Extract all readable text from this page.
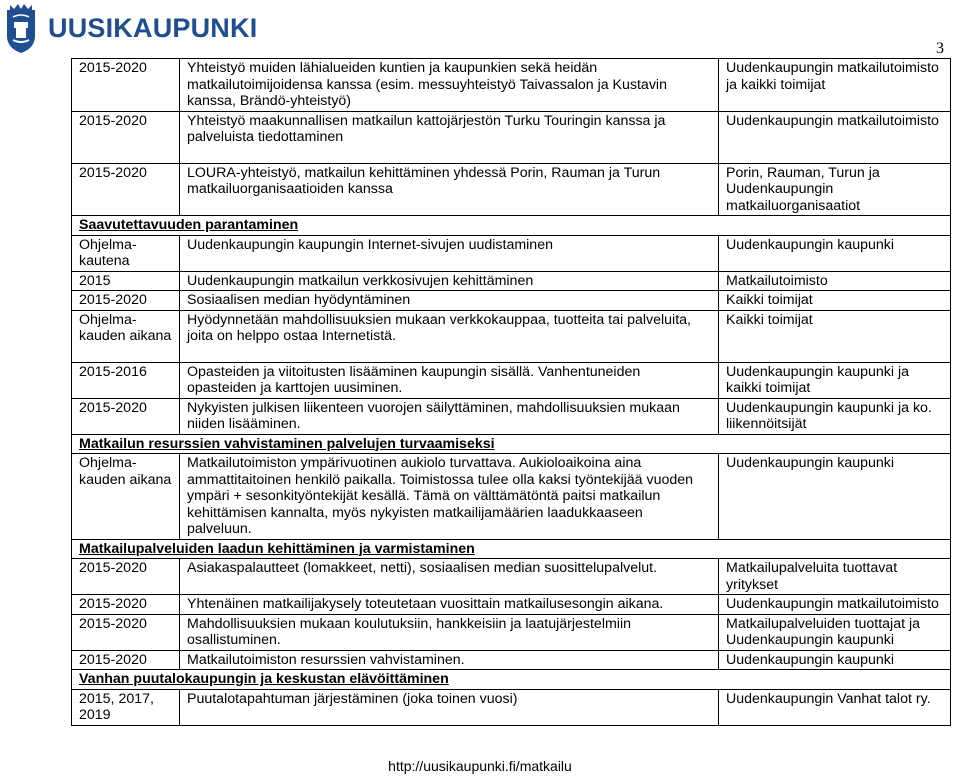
UUSIKAUPUNKI
3
2015-2020	Yhteistyö muiden lähialueiden kuntien ja kaupunkien sekä heidän matkailutoimijoidensa kanssa (esim. messuyhteistyö Taivassalon ja Kustavin kanssa, Brändö-yhteistyö)	Uudenkaupungin matkailutoimisto ja kaikki toimijat
2015-2020	Yhteistyö maakunnallisen matkailun kattojärjestön Turku Touringin kanssa ja palveluista tiedottaminen	Uudenkaupungin matkailutoimisto
2015-2020	LOURA-yhteistyö, matkailun kehittäminen yhdessä Porin, Rauman ja Turun matkailuorganisaatioiden kanssa	Porin, Rauman, Turun ja Uudenkaupungin matkailuorganisaatiot
Saavutettavuuden parantaminen		
Ohjelma-kautena	Uudenkaupungin kaupungin Internet-sivujen uudistaminen	Uudenkaupungin kaupunki
2015	Uudenkaupungin matkailun verkkosivujen kehittäminen	Matkailutoimisto
2015-2020	Sosiaalisen median hyödyntäminen	Kaikki toimijat
Ohjelma-kauden aikana	Hyödynnetään mahdollisuuksien mukaan verkkokauppaa, tuotteita tai palveluita, joita on helppo ostaa Internetistä.	Kaikki toimijat
2015-2016	Opasteiden ja viitoitusten lisääminen kaupungin sisällä. Vanhentuneiden opasteiden ja karttojen uusiminen.	Uudenkaupungin kaupunki ja kaikki toimijat
2015-2020	Nykyisten julkisen liikenteen vuorojen säilyttäminen, mahdollisuuksien mukaan niiden lisääminen.	Uudenkaupungin kaupunki ja ko. liikennöitsijät
Matkailun resurssien vahvistaminen palvelujen turvaamiseksi		
Ohjelma-kauden aikana	Matkailutoimiston ympärivuotinen aukiolo turvattava. Aukioloaikoina aina ammattitaitoinen henkilö paikalla. Toimistossa tulee olla kaksi työntekijää vuoden ympäri + sesonkityöntekijät kesällä. Tämä on välttämätöntä paitsi matkailun kehittämisen kannalta, myös nykyisten matkailijamäärien laadukkaaseen palveluun.	Uudenkaupungin kaupunki
Matkailupalveluiden laadun kehittäminen ja varmistaminen		
2015-2020	Asiakaspalautteet (lomakkeet, netti), sosiaalisen median suosittelupalvelut.	Matkailupalveluita tuottavat yritykset
2015-2020	Yhtenäinen matkailijakysely toteutetaan vuosittain matkailusesongin aikana.	Uudenkaupungin matkailutoimisto
2015-2020	Mahdollisuuksien mukaan koulutuksiin, hankkeisiin ja laatujärjestelmiin osallistuminen.	Matkailupalveluiden tuottajat ja Uudenkaupungin kaupunki
2015-2020	Matkailutoimiston resurssien vahvistaminen.	Uudenkaupungin kaupunki
Vanhan puutalokaupungin ja keskustan elävöittäminen		
2015, 2017, 2019	Puutalotapahtuman järjestäminen (joka toinen vuosi)	Uudenkaupungin Vanhat talot ry.
http://uusikaupunki.fi/matkailu
